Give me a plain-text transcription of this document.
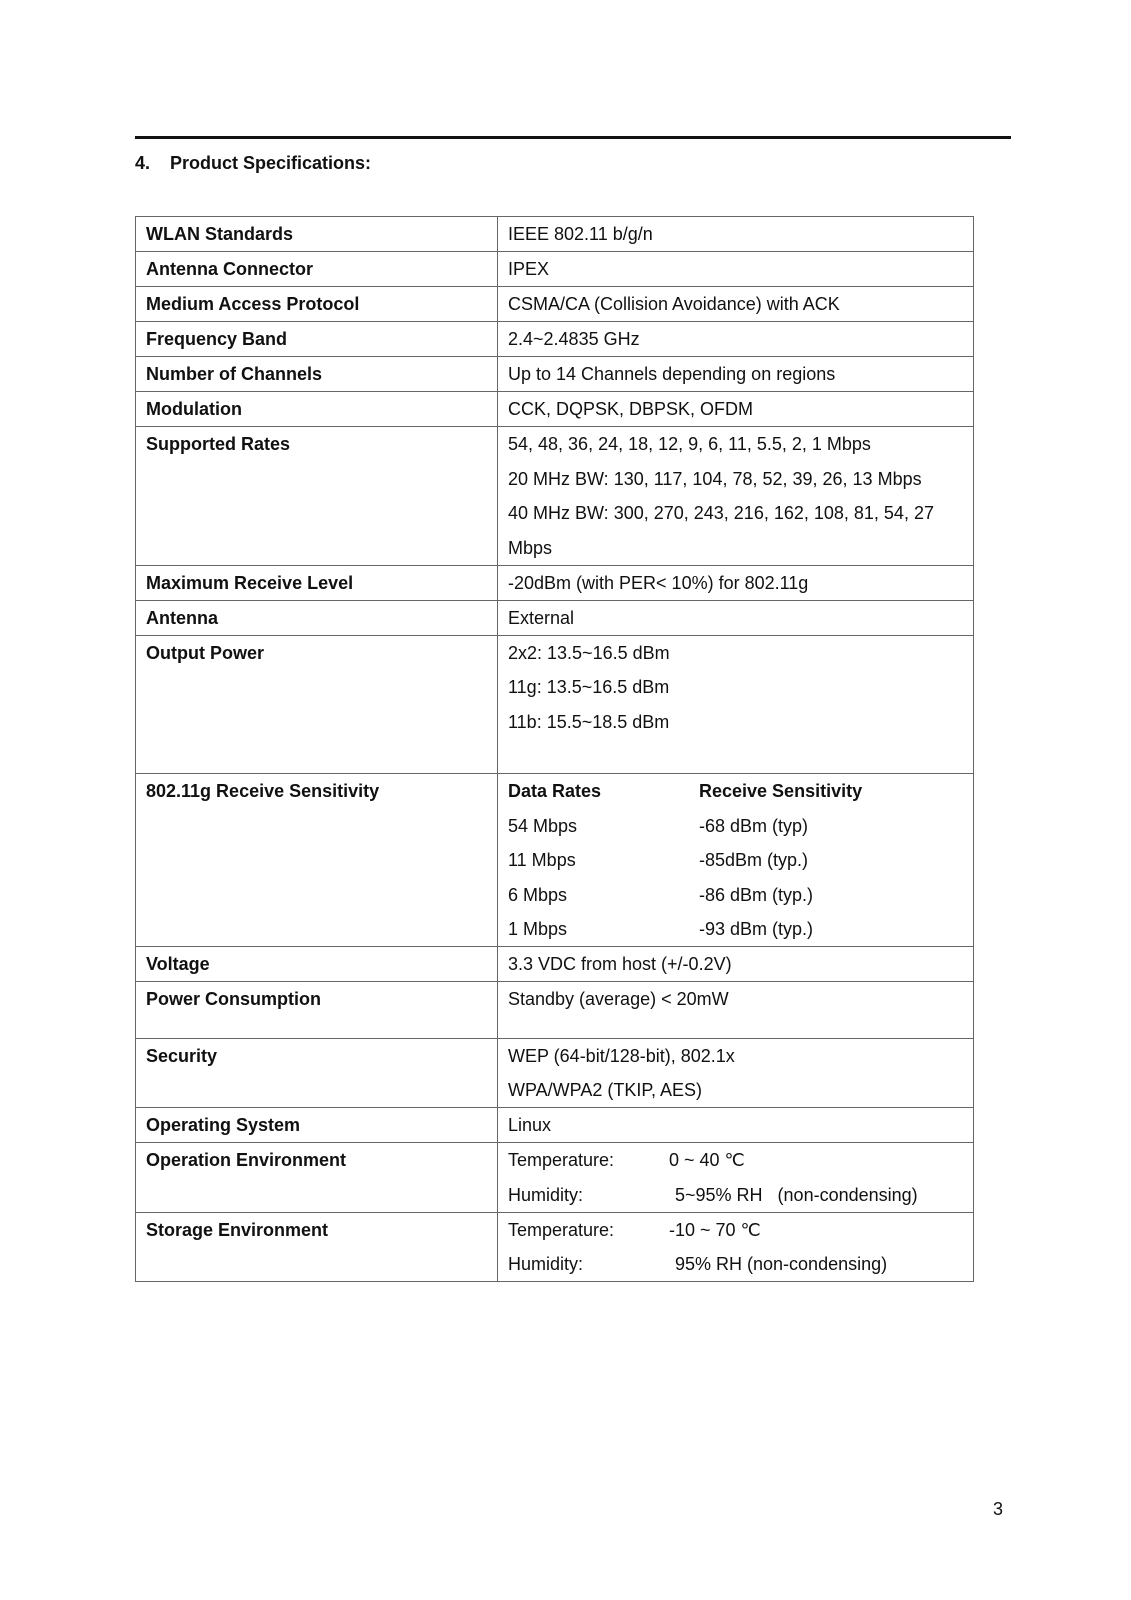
4. Product Specifications:
WLAN Standards	IEEE 802.11 b/g/n
Antenna Connector	IPEX
Medium Access Protocol	CSMA/CA (Collision Avoidance) with ACK
Frequency Band	2.4~2.4835 GHz
Number of Channels	Up to 14 Channels depending on regions
Modulation	CCK, DQPSK, DBPSK, OFDM
Supported Rates	54, 48, 36, 24, 18, 12, 9, 6, 11, 5.5, 2, 1 Mbps
20 MHz BW: 130, 117, 104, 78, 52, 39, 26, 13 Mbps
40 MHz BW: 300, 270, 243, 216, 162, 108, 81, 54, 27
Mbps

Maximum Receive Level	-20dBm (with PER< 10%) for 802.11g
Antenna	External
Output Power	2x2: 13.5~16.5 dBm
11g: 13.5~16.5 dBm
11b: 15.5~18.5 dBm

802.11g Receive Sensitivity		Data Rates	Receive Sensitivity
54 Mbps	-68 dBm (typ)
11 Mbps	-85dBm (typ.)
6 Mbps	-86 dBm (typ.)
1 Mbps	-93 dBm (typ.)

Voltage	3.3 VDC from host (+/-0.2V)
Power Consumption	Standby (average) < 20mW

Security	WEP (64-bit/128-bit), 802.1x
WPA/WPA2 (TKIP, AES)

Operating System	Linux
Operation Environment		Temperature:	0 ~ 40 ℃
Humidity:	5~95% RH   (non-condensing)

Storage Environment		Temperature:	-10 ~ 70 ℃
Humidity:	95% RH (non-condensing)
3
